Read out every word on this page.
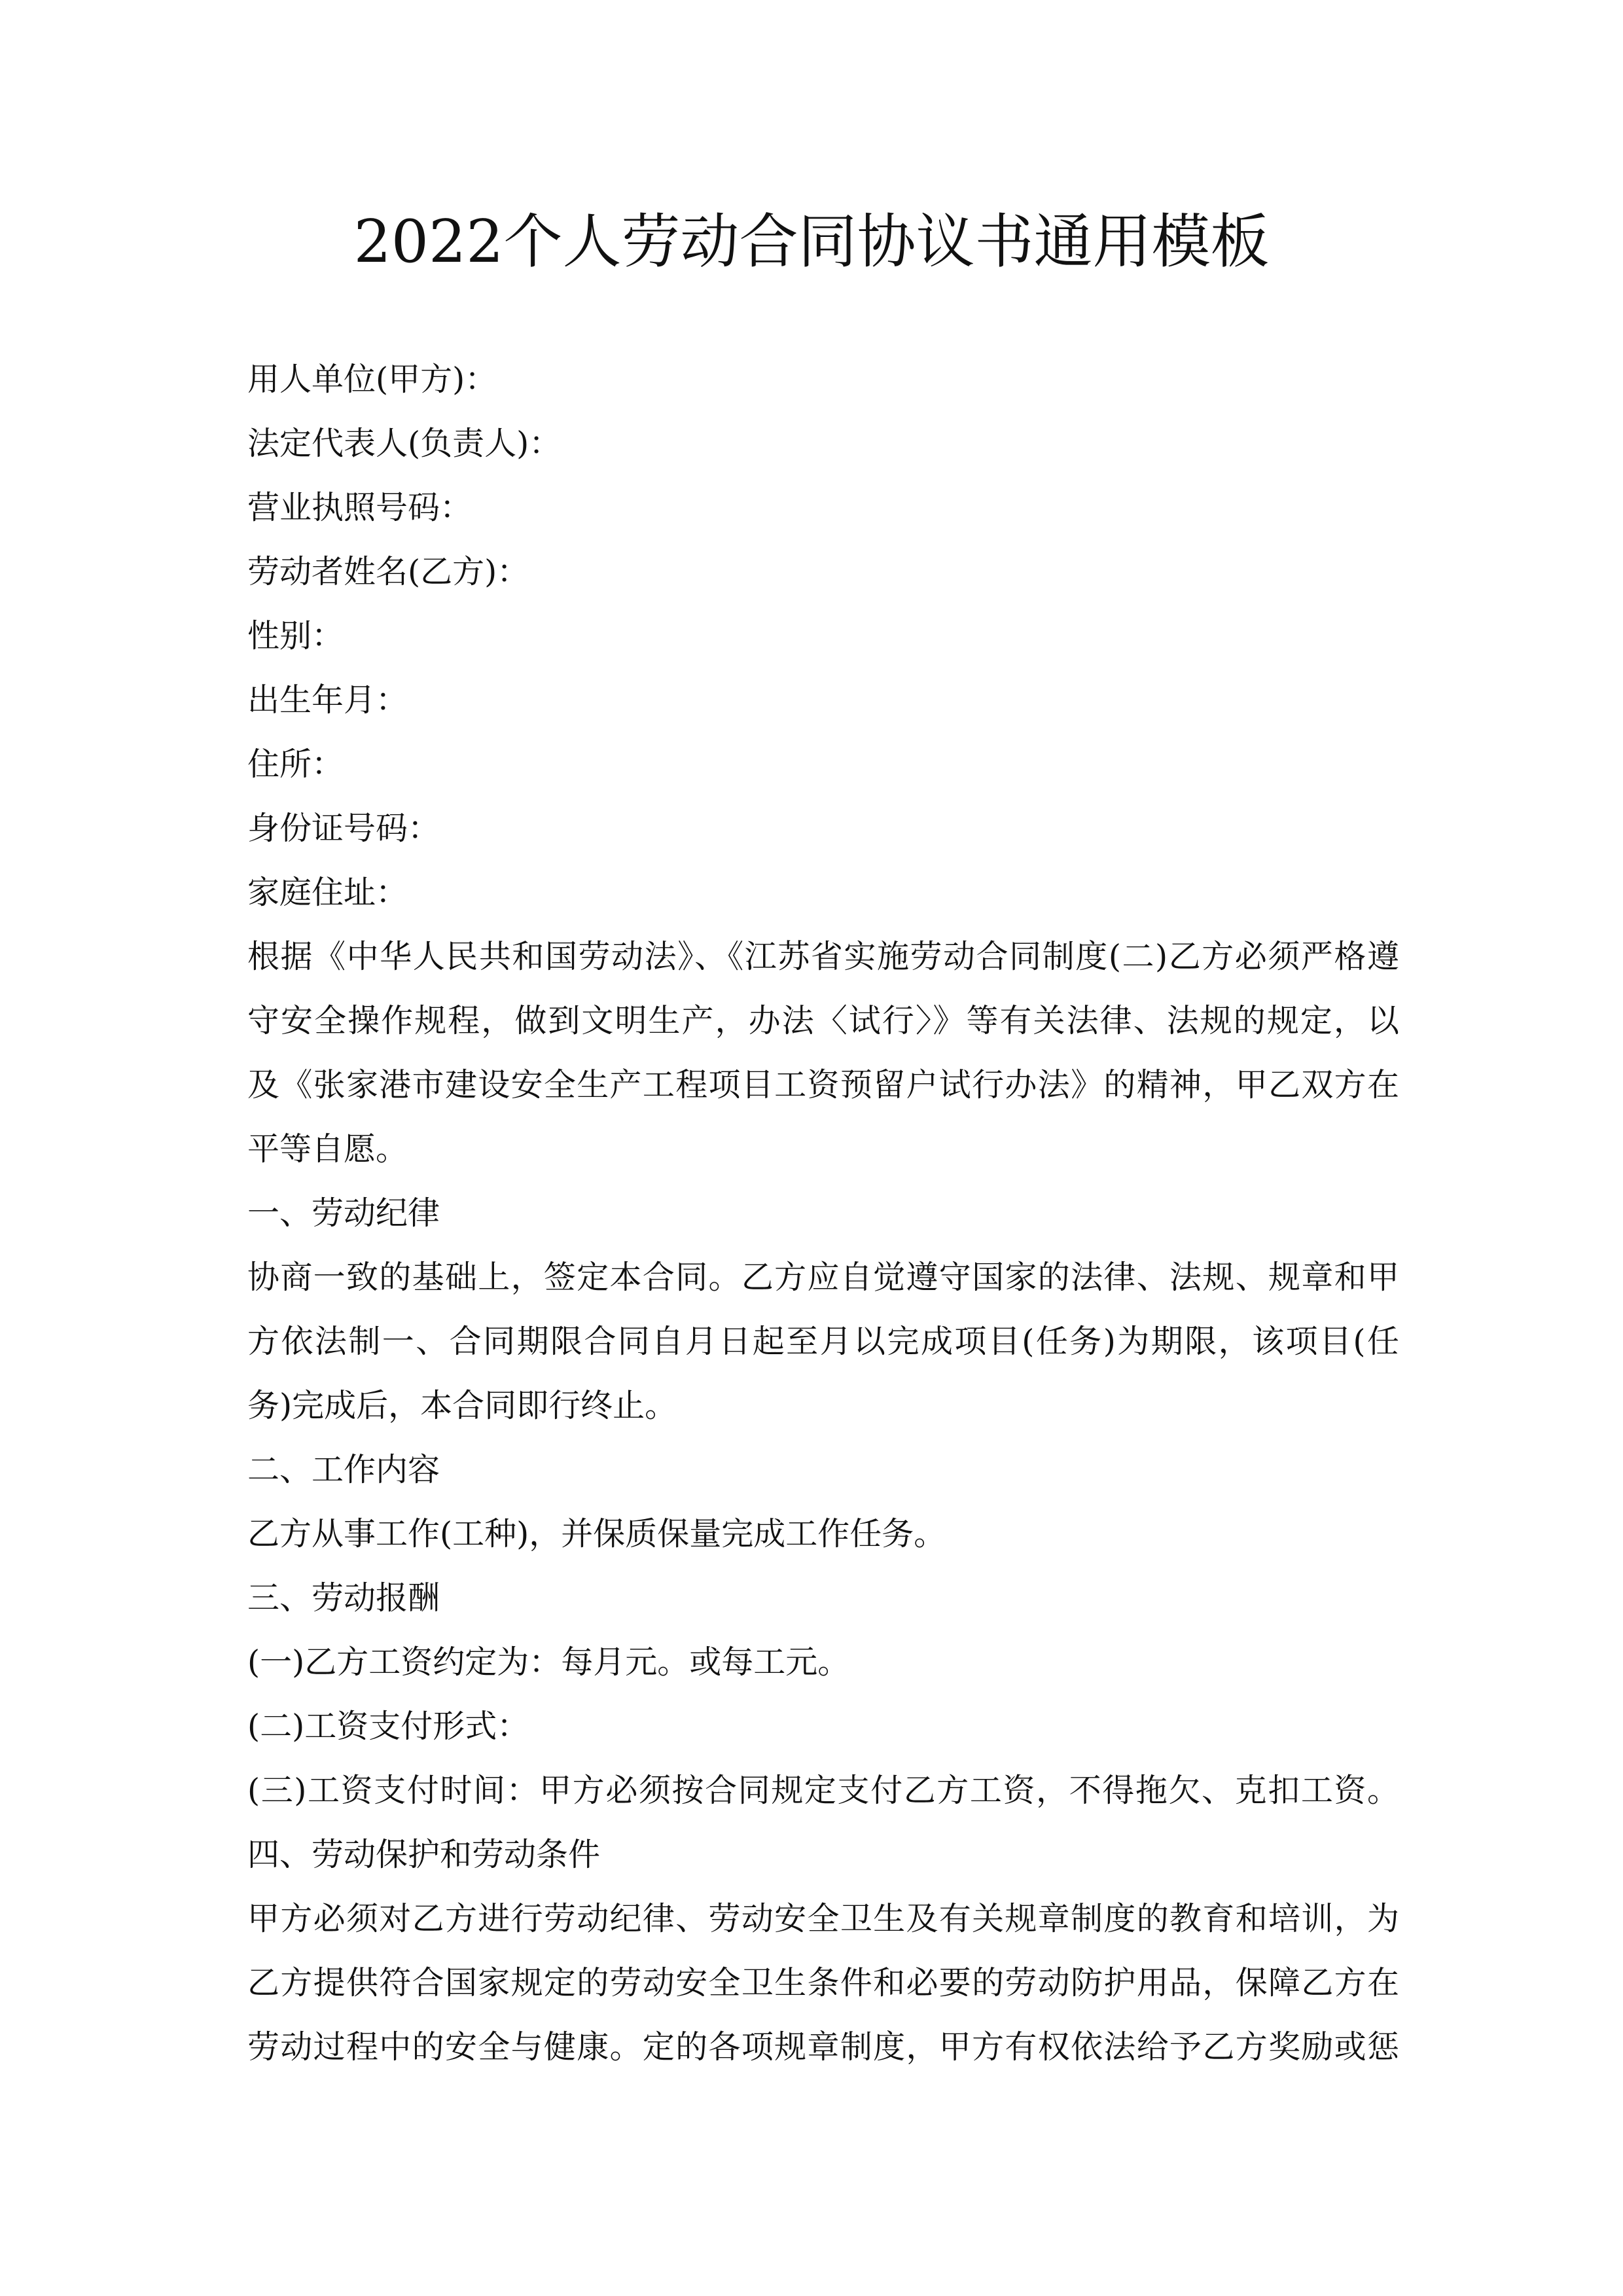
2022个人劳动合同协议书通用模板
用人单位(甲方)：
法定代表人(负责人)：
营业执照号码：
劳动者姓名(乙方)：
性别：
出生年月：
住所：
身份证号码：
家庭住址：
根据《中华人民共和国劳动法》、《江苏省实施劳动合同制度(二)乙方必须严格遵
守安全操作规程，做到文明生产，办法〈试行〉》等有关法律、法规的规定，以
及《张家港市建设安全生产工程项目工资预留户试行办法》的精神，甲乙双方在
平等自愿。
一、劳动纪律
协商一致的基础上，签定本合同。乙方应自觉遵守国家的法律、法规、规章和甲
方依法制一、合同期限合同自月日起至月以完成项目(任务)为期限，该项目(任
务)完成后，本合同即行终止。
二、工作内容
乙方从事工作(工种)，并保质保量完成工作任务。
三、劳动报酬
(一)乙方工资约定为：每月元。或每工元。
(二)工资支付形式：
(三)工资支付时间：甲方必须按合同规定支付乙方工资，不得拖欠、克扣工资。
四、劳动保护和劳动条件
甲方必须对乙方进行劳动纪律、劳动安全卫生及有关规章制度的教育和培训，为
乙方提供符合国家规定的劳动安全卫生条件和必要的劳动防护用品，保障乙方在
劳动过程中的安全与健康。定的各项规章制度，甲方有权依法给予乙方奖励或惩
